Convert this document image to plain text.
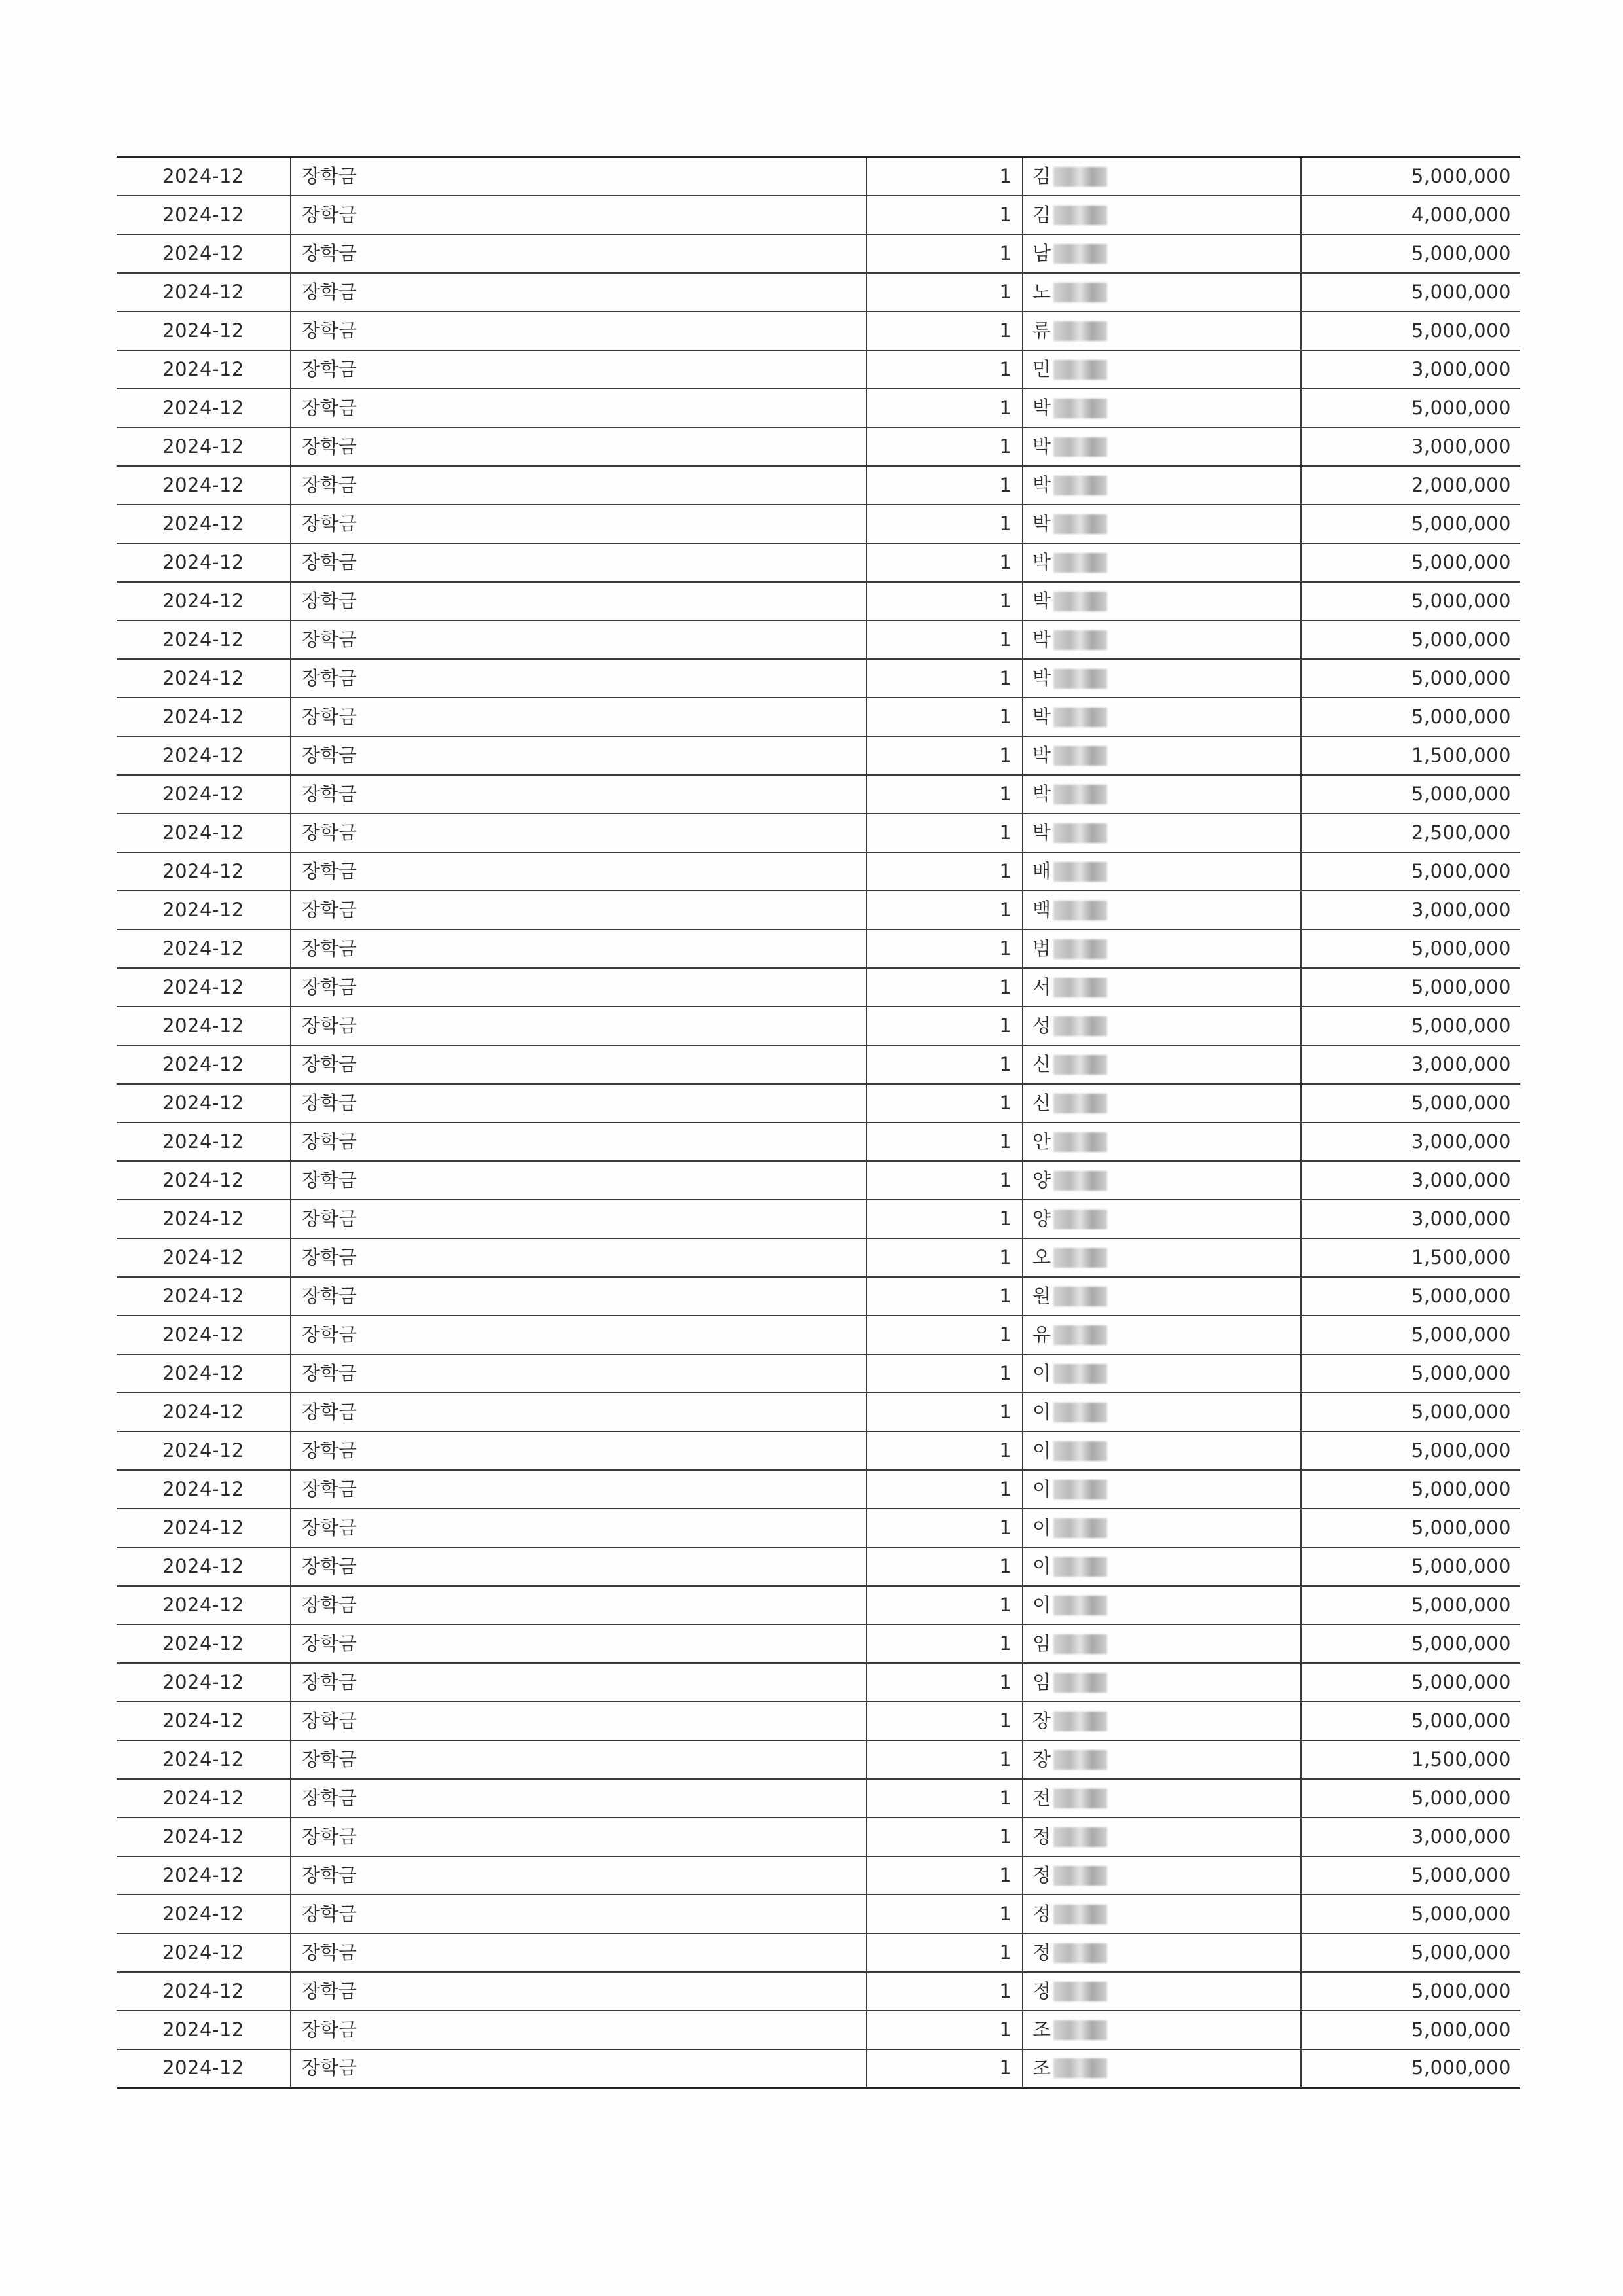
2024-12	장학금	1	김	5,000,000
2024-12	장학금	1	김	4,000,000
2024-12	장학금	1	남	5,000,000
2024-12	장학금	1	노	5,000,000
2024-12	장학금	1	류	5,000,000
2024-12	장학금	1	민	3,000,000
2024-12	장학금	1	박	5,000,000
2024-12	장학금	1	박	3,000,000
2024-12	장학금	1	박	2,000,000
2024-12	장학금	1	박	5,000,000
2024-12	장학금	1	박	5,000,000
2024-12	장학금	1	박	5,000,000
2024-12	장학금	1	박	5,000,000
2024-12	장학금	1	박	5,000,000
2024-12	장학금	1	박	5,000,000
2024-12	장학금	1	박	1,500,000
2024-12	장학금	1	박	5,000,000
2024-12	장학금	1	박	2,500,000
2024-12	장학금	1	배	5,000,000
2024-12	장학금	1	백	3,000,000
2024-12	장학금	1	범	5,000,000
2024-12	장학금	1	서	5,000,000
2024-12	장학금	1	성	5,000,000
2024-12	장학금	1	신	3,000,000
2024-12	장학금	1	신	5,000,000
2024-12	장학금	1	안	3,000,000
2024-12	장학금	1	양	3,000,000
2024-12	장학금	1	양	3,000,000
2024-12	장학금	1	오	1,500,000
2024-12	장학금	1	원	5,000,000
2024-12	장학금	1	유	5,000,000
2024-12	장학금	1	이	5,000,000
2024-12	장학금	1	이	5,000,000
2024-12	장학금	1	이	5,000,000
2024-12	장학금	1	이	5,000,000
2024-12	장학금	1	이	5,000,000
2024-12	장학금	1	이	5,000,000
2024-12	장학금	1	이	5,000,000
2024-12	장학금	1	임	5,000,000
2024-12	장학금	1	임	5,000,000
2024-12	장학금	1	장	5,000,000
2024-12	장학금	1	장	1,500,000
2024-12	장학금	1	전	5,000,000
2024-12	장학금	1	정	3,000,000
2024-12	장학금	1	정	5,000,000
2024-12	장학금	1	정	5,000,000
2024-12	장학금	1	정	5,000,000
2024-12	장학금	1	정	5,000,000
2024-12	장학금	1	조	5,000,000
2024-12	장학금	1	조	5,000,000
